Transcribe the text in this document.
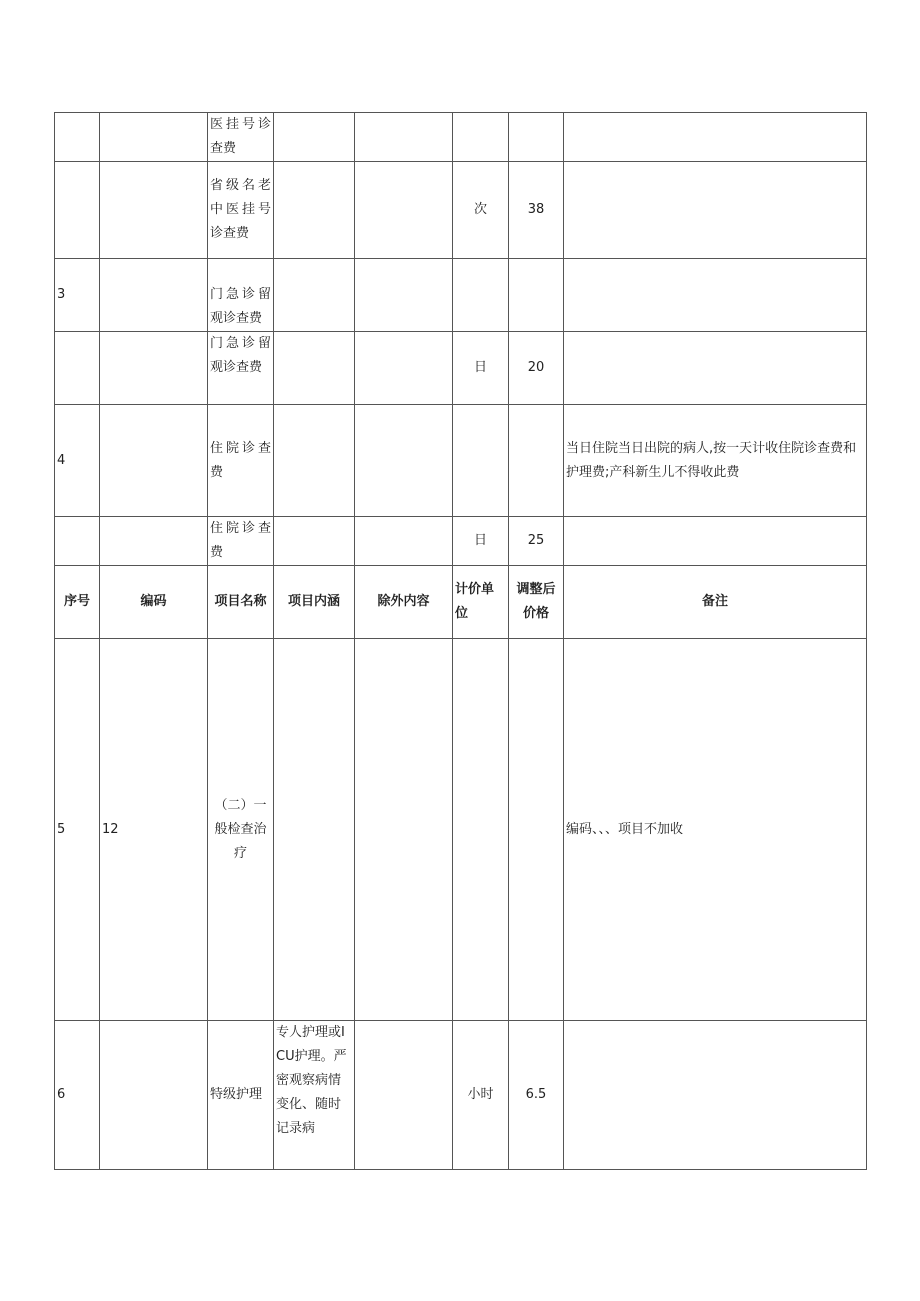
		医挂号诊查费					
		省级名老中医挂号诊查费			次	38	
3		门急诊留观诊查费					
		门急诊留观诊查费			日	20	
4		住院诊查费					当日住院当日出院的病人,按一天计收住院诊查费和护理费;产科新生儿不得收此费
		住院诊查费			日	25	
序号	编码	项目名称	项目内涵	除外内容	计价单位	调整后价格	备注
5	12	（二）一般检查治疗					编码、、、项目不加收
6		特级护理	专人护理或ICU护理。严密观察病情变化、随时记录病		小时	6.5	
